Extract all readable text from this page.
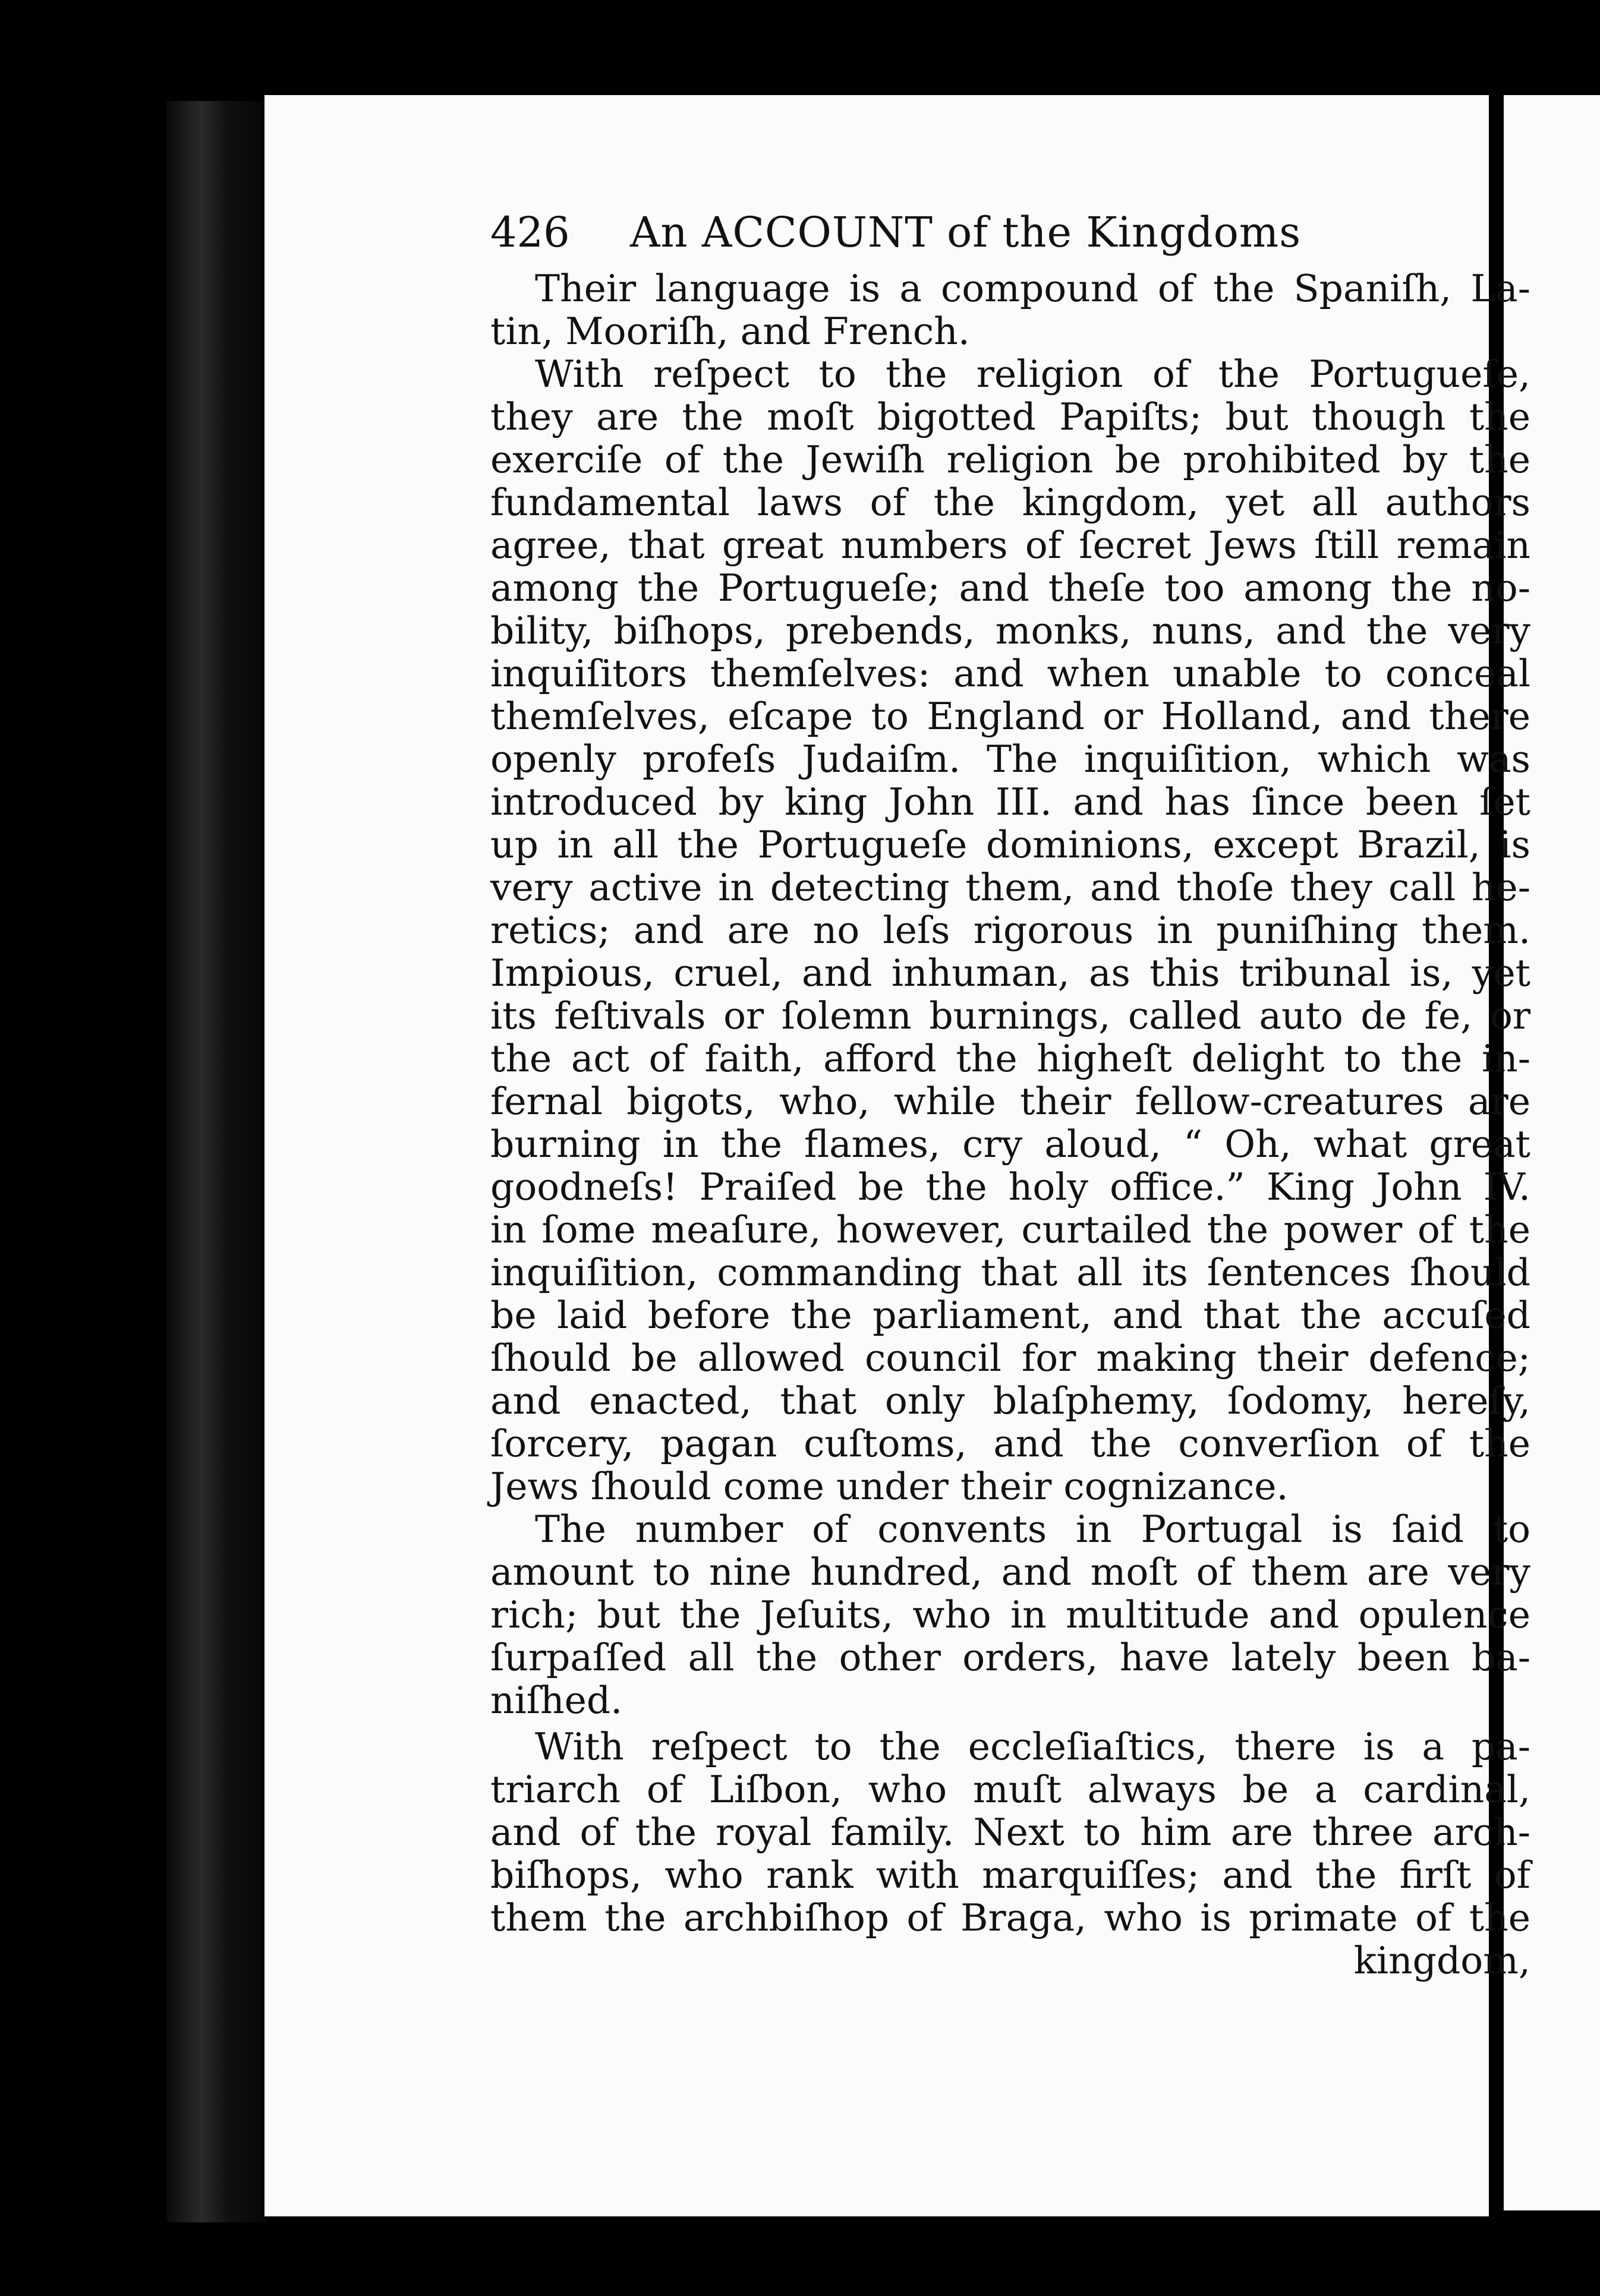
426 An ACCOUNT of the Kingdoms
Their language is a compound of the Spaniſh, La-
tin, Mooriſh, and French.
With reſpect to the religion of the Portugueſe,
they are the moſt bigotted Papiſts; but though the
exerciſe of the Jewiſh religion be prohibited by the
fundamental laws of the kingdom, yet all authors
agree, that great numbers of ſecret Jews ſtill remain
among the Portugueſe; and theſe too among the no-
bility, biſhops, prebends, monks, nuns, and the very
inquiſitors themſelves: and when unable to conceal
themſelves, eſcape to England or Holland, and there
openly profeſs Judaiſm. The inquiſition, which was
introduced by king John III. and has ſince been ſet
up in all the Portugueſe dominions, except Brazil, is
very active in detecting them, and thoſe they call he-
retics; and are no leſs rigorous in puniſhing them.
Impious, cruel, and inhuman, as this tribunal is, yet
its feſtivals or ſolemn burnings, called auto de fe, or
the act of faith, afford the higheſt delight to the in-
fernal bigots, who, while their fellow-creatures are
burning in the flames, cry aloud, “ Oh, what great
goodneſs! Praiſed be the holy office.” King John IV.
in ſome meaſure, however, curtailed the power of the
inquiſition, commanding that all its ſentences ſhould
be laid before the parliament, and that the accuſed
ſhould be allowed council for making their defence;
and enacted, that only blaſphemy, ſodomy, hereſy,
ſorcery, pagan cuſtoms, and the converſion of the
Jews ſhould come under their cognizance.
The number of convents in Portugal is ſaid to
amount to nine hundred, and moſt of them are very
rich; but the Jeſuits, who in multitude and opulence
ſurpaſſed all the other orders, have lately been ba-
niſhed.
With reſpect to the eccleſiaſtics, there is a pa-
triarch of Liſbon, who muſt always be a cardinal,
and of the royal family. Next to him are three arch-
biſhops, who rank with marquiſſes; and the firſt of
them the archbiſhop of Braga, who is primate of the
kingdom,
